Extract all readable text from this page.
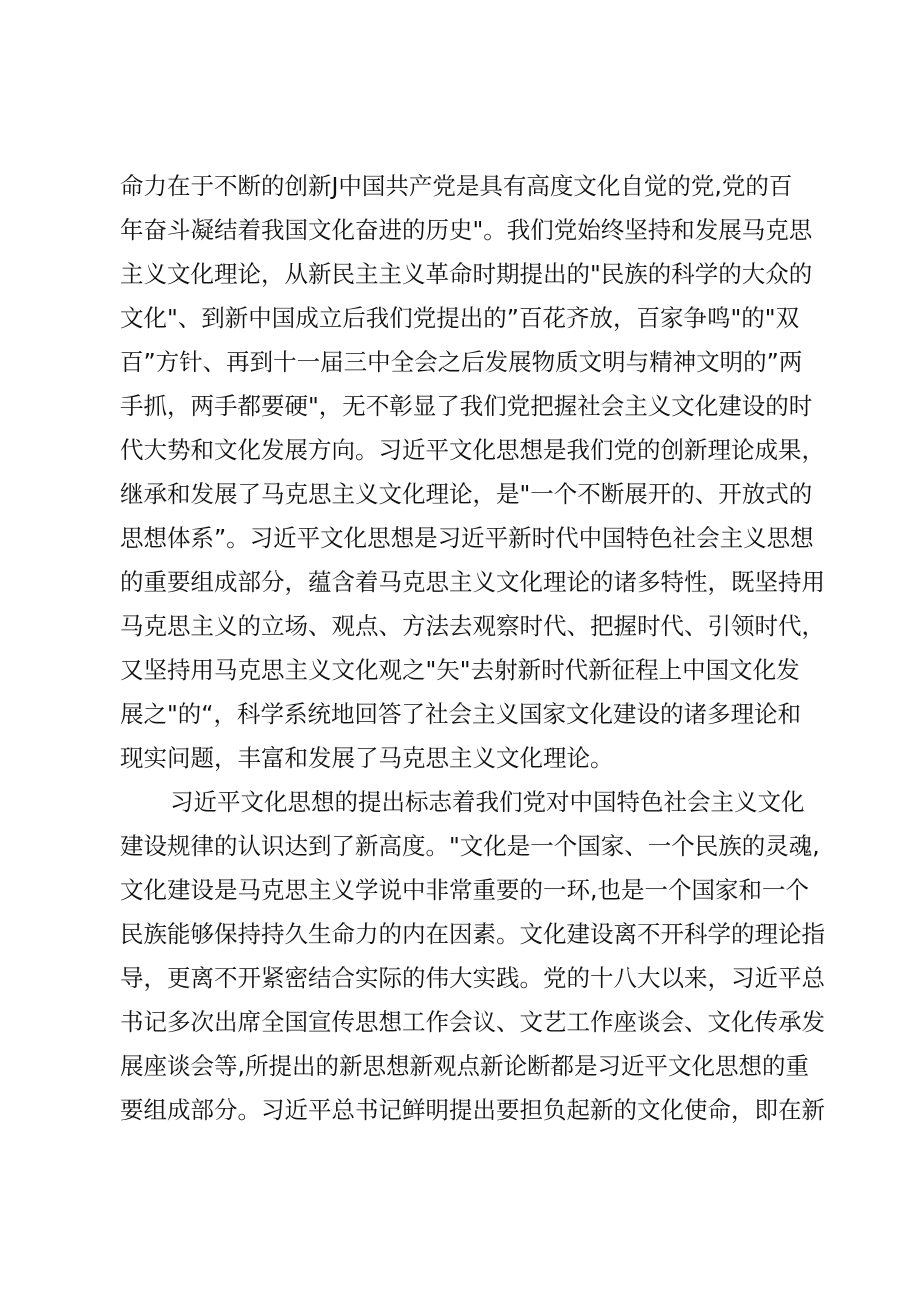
命力在于不断的创新J中国共产党是具有高度文化自觉的党,党的百
年奋斗凝结着我国文化奋进的历史"。我们党始终坚持和发展马克思
主义文化理论，从新民主主义革命时期提出的"民族的科学的大众的
文化"、到新中国成立后我们党提出的”百花齐放，百家争鸣"的"双
百”方针、再到十一届三中全会之后发展物质文明与精神文明的”两
手抓，两手都要硬"，无不彰显了我们党把握社会主义文化建设的时
代大势和文化发展方向。习近平文化思想是我们党的创新理论成果，
继承和发展了马克思主义文化理论，是"一个不断展开的、开放式的
思想体系”。习近平文化思想是习近平新时代中国特色社会主义思想
的重要组成部分，蕴含着马克思主义文化理论的诸多特性，既坚持用
马克思主义的立场、观点、方法去观察时代、把握时代、引领时代，
又坚持用马克思主义文化观之"矢"去射新时代新征程上中国文化发
展之"的“，科学系统地回答了社会主义国家文化建设的诸多理论和
现实问题，丰富和发展了马克思主义文化理论。
习近平文化思想的提出标志着我们党对中国特色社会主义文化
建设规律的认识达到了新高度。"文化是一个国家、一个民族的灵魂,
文化建设是马克思主义学说中非常重要的一环,也是一个国家和一个
民族能够保持持久生命力的内在因素。文化建设离不开科学的理论指
导，更离不开紧密结合实际的伟大实践。党的十八大以来，习近平总
书记多次出席全国宣传思想工作会议、文艺工作座谈会、文化传承发
展座谈会等,所提出的新思想新观点新论断都是习近平文化思想的重
要组成部分。习近平总书记鲜明提出要担负起新的文化使命，即在新
